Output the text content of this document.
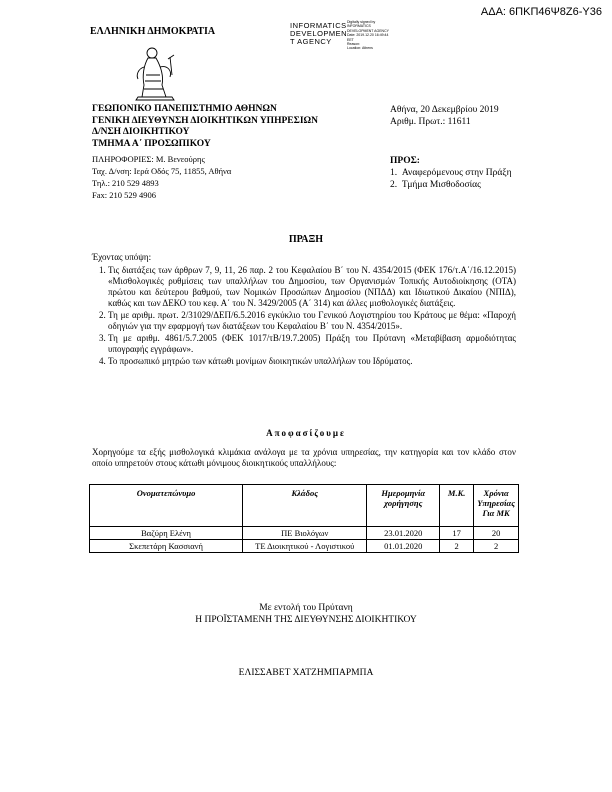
ΑΔΑ: 6ΠΚΠ46Ψ8Ζ6-Υ36
ΕΛΛΗΝΙΚΗ ΔΗΜΟΚΡΑΤΙΑ
INFORMATICS
DEVELOPMEN
T AGENCY
Digitally signed by
INFORMATICS
DEVELOPMENT AGENCY
Date: 2019.12.20 16:49:44
EET
Reason:
Location: Athens
ΓΕΩΠΟΝΙΚΟ ΠΑΝΕΠΙΣΤΗΜΙΟ ΑΘΗΝΩΝ
ΓΕΝΙΚΗ ΔΙΕΥΘΥΝΣΗ ΔΙΟΙΚΗΤΙΚΩΝ ΥΠΗΡΕΣΙΩΝ
Δ/ΝΣΗ ΔΙΟΙΚΗΤΙΚΟΥ
ΤΜΗΜΑ Α΄ ΠΡΟΣΩΠΙΚΟΥ
ΠΛΗΡΟΦΟΡΙΕΣ: Μ. Βενεούρης
Ταχ. Δ/νση: Ιερά Οδός 75, 11855, Αθήνα
Τηλ.: 210 529 4893
Fax: 210 529 4906
Αθήνα, 20 Δεκεμβρίου 2019
Αριθμ. Πρωτ.: 11611
ΠΡΟΣ:
1.  Αναφερόμενους στην Πράξη
2.  Τμήμα Μισθοδοσίας
ΠΡΑΞΗ
Έχοντας υπόψη:
1. Τις διατάξεις των άρθρων 7, 9, 11, 26 παρ. 2 του Κεφαλαίου Β΄ του Ν. 4354/2015 (ΦΕΚ 176/τ.Α΄/16.12.2015) «Μισθολογικές ρυθμίσεις των υπαλλήλων του Δημοσίου, των Οργανισμών Τοπικής Αυτοδιοίκησης (ΟΤΑ) πρώτου και δεύτερου βαθμού, των Νομικών Προσώπων Δημοσίου (ΝΠΔΔ) και Ιδιωτικού Δικαίου (ΝΠΙΔ), καθώς και των ΔΕΚΟ του κεφ. Α΄ του Ν. 3429/2005 (Α΄ 314) και άλλες μισθολογικές διατάξεις.
2. Τη με αριθμ. πρωτ. 2/31029/ΔΕΠ/6.5.2016 εγκύκλιο του Γενικού Λογιστηρίου του Κράτους με θέμα: «Παροχή οδηγιών για την εφαρμογή των διατάξεων του Κεφαλαίου Β΄ του Ν. 4354/2015».
3. Τη με αριθμ. 4861/5.7.2005 (ΦΕΚ 1017/τΒ/19.7.2005) Πράξη του Πρύτανη «Μεταβίβαση αρμοδιότητας υπογραφής εγγράφων».
4. Το προσωπικό μητρώο των κάτωθι μονίμων διοικητικών υπαλλήλων του Ιδρύματος.
Αποφασίζουμε
Χορηγούμε τα εξής μισθολογικά κλιμάκια ανάλογα με τα χρόνια υπηρεσίας, την κατηγορία και τον κλάδο στον οποίο υπηρετούν στους κάτωθι μόνιμους διοικητικούς υπαλλήλους:
Ονοματεπώνυμο	Κλάδος	Ημερομηνία χορήγησης	Μ.Κ.	Χρόνια Υπηρεσίας Για ΜΚ
Βαζύρη Ελένη	ΠΕ Βιολόγων	23.01.2020	17	20
Σκεπετάρη Κασσιανή	ΤΕ Διοικητικού - Λογιστικού	01.01.2020	2	2
Με εντολή του Πρύτανη
Η ΠΡΟΪΣΤΑΜΕΝΗ ΤΗΣ ΔΙΕΥΘΥΝΣΗΣ ΔΙΟΙΚΗΤΙΚΟΥ
ΕΛΙΣΣΑΒΕΤ ΧΑΤΖΗΜΠΑΡΜΠΑ
